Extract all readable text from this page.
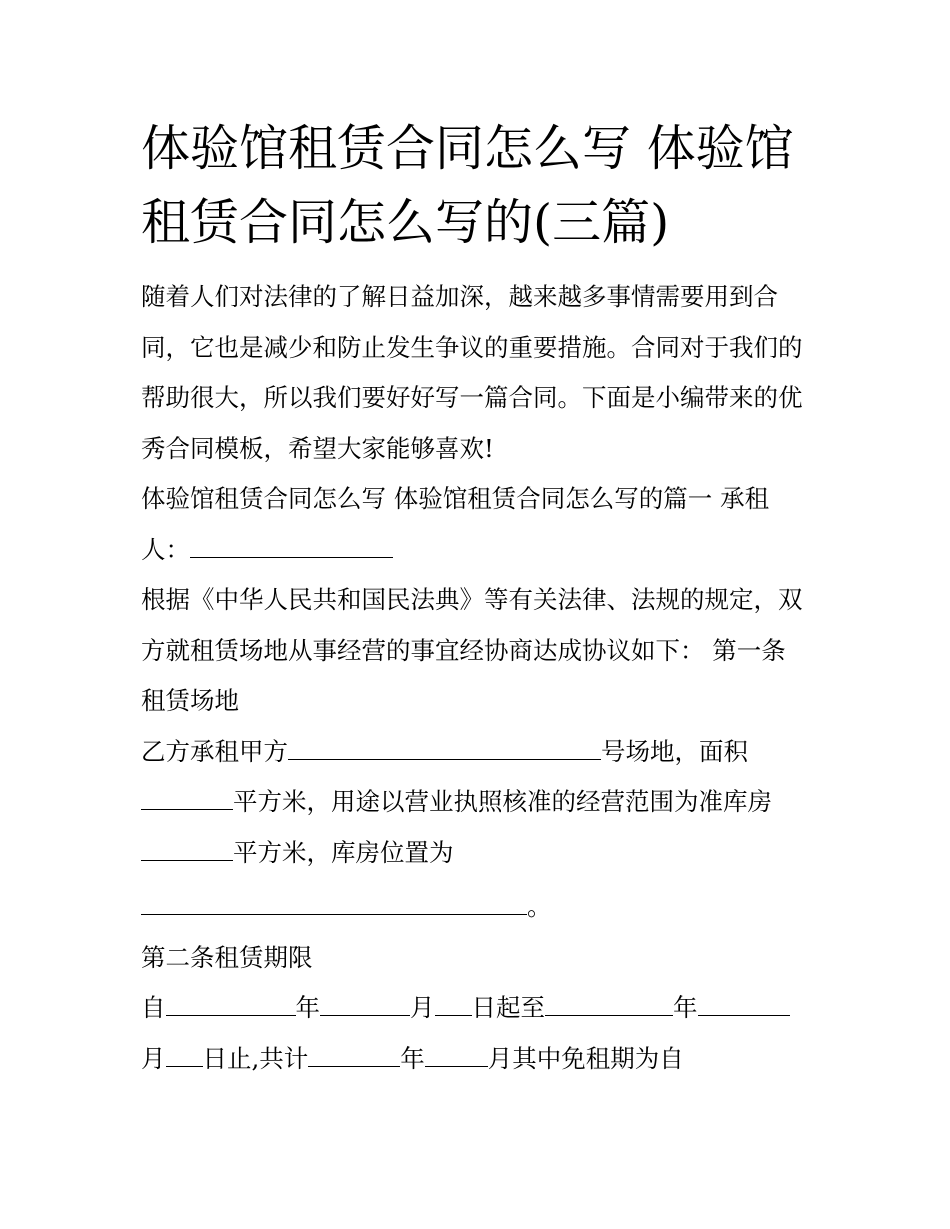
体验馆租赁合同怎么写 体验馆
租赁合同怎么写的(三篇)

随着人们对法律的了解日益加深，越来越多事情需要用到合
同，它也是减少和防止发生争议的重要措施。合同对于我们的
帮助很大，所以我们要好好写一篇合同。下面是小编带来的优
秀合同模板，希望大家能够喜欢!

体验馆租赁合同怎么写 体验馆租赁合同怎么写的篇一 承租
人：

根据《中华人民共和国民法典》等有关法律、法规的规定，双
方就租赁场地从事经营的事宜经协商达成协议如下： 第一条
租赁场地

乙方承租甲方	号场地，面积
平方米，用途以营业执照核准的经营范围为准库房
平方米，库房位置为
。

第二条租赁期限
自	年	月 日起至	年
月 日止,共计	年	月其中免租期为自
